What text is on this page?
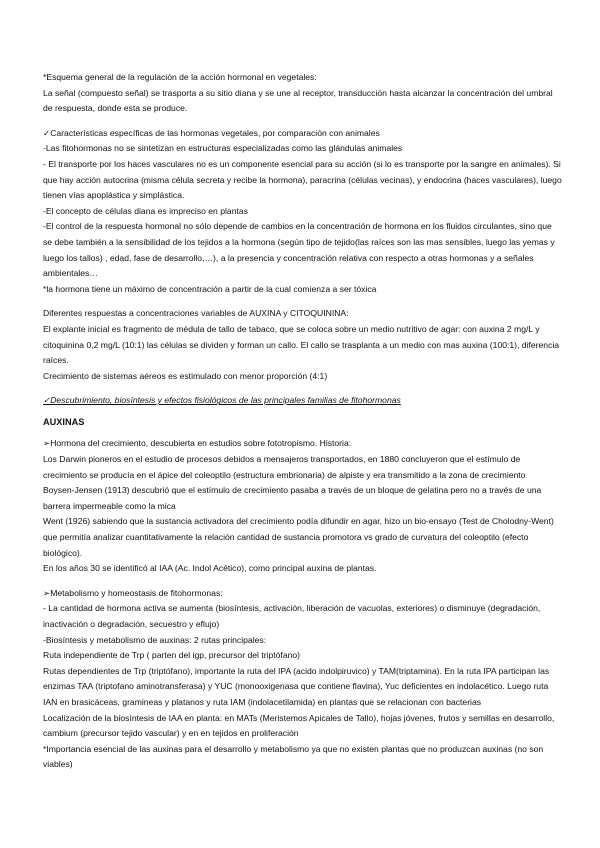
*Esquema general de la regulación de la acción hormonal en vegetales:

La señal (compuesto señal) se trasporta a su sitio diana y se une al receptor, transducción hasta alcanzar la concentración del umbral de respuesta, donde esta se produce.

✓Características específicas de las hormonas vegetales, por comparación con animales

-Las fitohormonas no se sintetizan en estructuras especializadas como las glándulas animales

- El transporte por los haces vasculares no es un componente esencial para su acción (si lo es transporte por la sangre en animales). Si que hay acción autocrina (misma célula secreta y recibe la hormona), paracrina (células vecinas), y endocrina (haces vasculares), luego tienen vías apoplástica y simplástica.

-El concepto de células diana es impreciso en plantas

-El control de la respuesta hormonal no sólo depende de cambios en la concentración de hormona en los fluidos circulantes, sino que se debe también a la sensibilidad de los tejidos a la hormona (según tipo de tejido(las raíces son las mas sensibles, luego las yemas y luego los tallos) , edad, fase de desarrollo,…), a la presencia y concentración relativa con respecto a otras hormonas y a señales ambientales…

*la hormona tiene un máximo de concentración a partir de la cual comienza a ser tóxica

Diferentes respuestas a concentraciones variables de AUXINA y CITOQUININA:

El explante inicial es fragmento de médula de tallo de tabaco, que se coloca sobre un medio nutritivo de agar: con auxina 2 mg/L y citoquinina 0,2 mg/L (10:1) las células se dividen y forman un callo. El callo se trasplanta a un medio con mas auxina (100:1), diferencia raíces.

Crecimiento de sistemas aéreos es estimulado con menor proporción (4:1)

✓Descubrimiento, biosíntesis y efectos fisiológicos de las principales familias de fitohormonas

AUXINAS

➢Hormona del crecimiento, descubierta en estudios sobre fototropismo. Historia:

Los Darwin pioneros en el estudio de procesos debidos a mensajeros transportados, en 1880 concluyeron que el estímulo de crecimiento se producía en el ápice del coleoptilo (estructura embrionaria) de alpiste y era transmitido a la zona de crecimiento

Boysen-Jensen (1913) descubrió que el estímulo de crecimiento pasaba a través de un bloque de gelatina pero no a través de una barrera impermeable como la mica

Went (1926) sabiendo que la sustancia activadora del crecimiento podía difundir en agar, hizo un bio-ensayo (Test de Cholodny-Went) que permitía analizar cuantitativamente la relación cantidad de sustancia promotora vs grado de curvatura del coleoptilo (efecto biológico).

En los años 30 se identificó al IAA (Ac. Indol Acético), como principal auxina de plantas.

➢Metabolismo y homeostasis de fitohormonas:

- La cantidad de hormona activa se aumenta (biosíntesis, activación, liberación de vacuolas, exteriores) o disminuye (degradación, inactivación o degradación, secuestro y eflujo)

-Biosíntesis y metabolismo de auxinas: 2 rutas principales:

Ruta independiente de Trp ( parten del igp, precursor del triptófano)

Rutas dependientes de Trp (triptófano), importante la ruta del IPA (acido indolpiruvico) y TAM(triptamina). En la ruta IPA participan las enzimas TAA (triptofano aminotransferasa) y YUC (monooxigenasa que contiene flavina), Yuc deficientes en indolacético. Luego ruta IAN en brasicáceas, gramineas y platanos y ruta IAM (indolacetilamida) en plantas que se relacionan con bacterias

Localización de la biosíntesis de IAA en planta: en MATs (Meristemos Apicales de Tallo), hojas jóvenes, frutos y semillas en desarrollo, cambium (precursor tejido vascular) y en en tejidos en proliferación

*Importancia esencial de las auxinas para el desarrollo y metabolismo ya que no existen plantas que no produzcan auxinas (no son viables)
